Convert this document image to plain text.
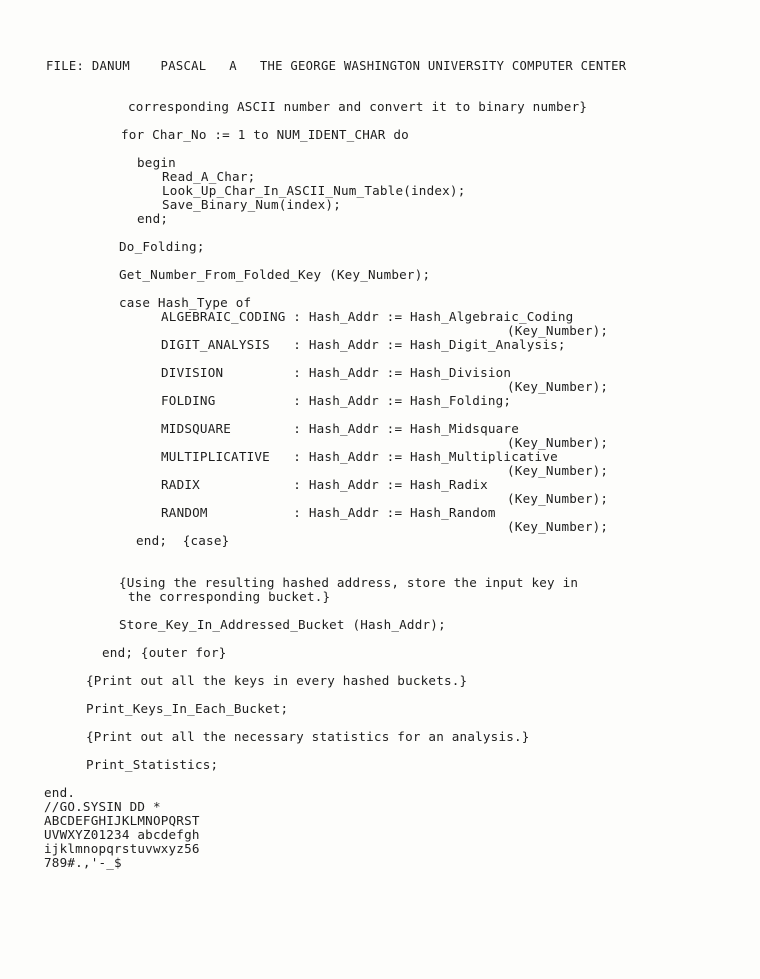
FILE: DANUM    PASCAL   A   THE GEORGE WASHINGTON UNIVERSITY COMPUTER CENTER
corresponding ASCII number and convert it to binary number}
for Char_No := 1 to NUM_IDENT_CHAR do
begin
Read_A_Char;
Look_Up_Char_In_ASCII_Num_Table(index);
Save_Binary_Num(index);
end;
Do_Folding;
Get_Number_From_Folded_Key (Key_Number);
case Hash_Type of
ALGEBRAIC_CODING : Hash_Addr := Hash_Algebraic_Coding
(Key_Number);
DIGIT_ANALYSIS   : Hash_Addr := Hash_Digit_Analysis;
DIVISION         : Hash_Addr := Hash_Division
(Key_Number);
FOLDING          : Hash_Addr := Hash_Folding;
MIDSQUARE        : Hash_Addr := Hash_Midsquare
(Key_Number);
MULTIPLICATIVE   : Hash_Addr := Hash_Multiplicative
(Key_Number);
RADIX            : Hash_Addr := Hash_Radix
(Key_Number);
RANDOM           : Hash_Addr := Hash_Random
(Key_Number);
end;  {case}
{Using the resulting hashed address, store the input key in
the corresponding bucket.}
Store_Key_In_Addressed_Bucket (Hash_Addr);
end; {outer for}
{Print out all the keys in every hashed buckets.}
Print_Keys_In_Each_Bucket;
{Print out all the necessary statistics for an analysis.}
Print_Statistics;
end.
//GO.SYSIN DD *
ABCDEFGHIJKLMNOPQRST
UVWXYZ01234 abcdefgh
ijklmnopqrstuvwxyz56
789#.,'-_$
